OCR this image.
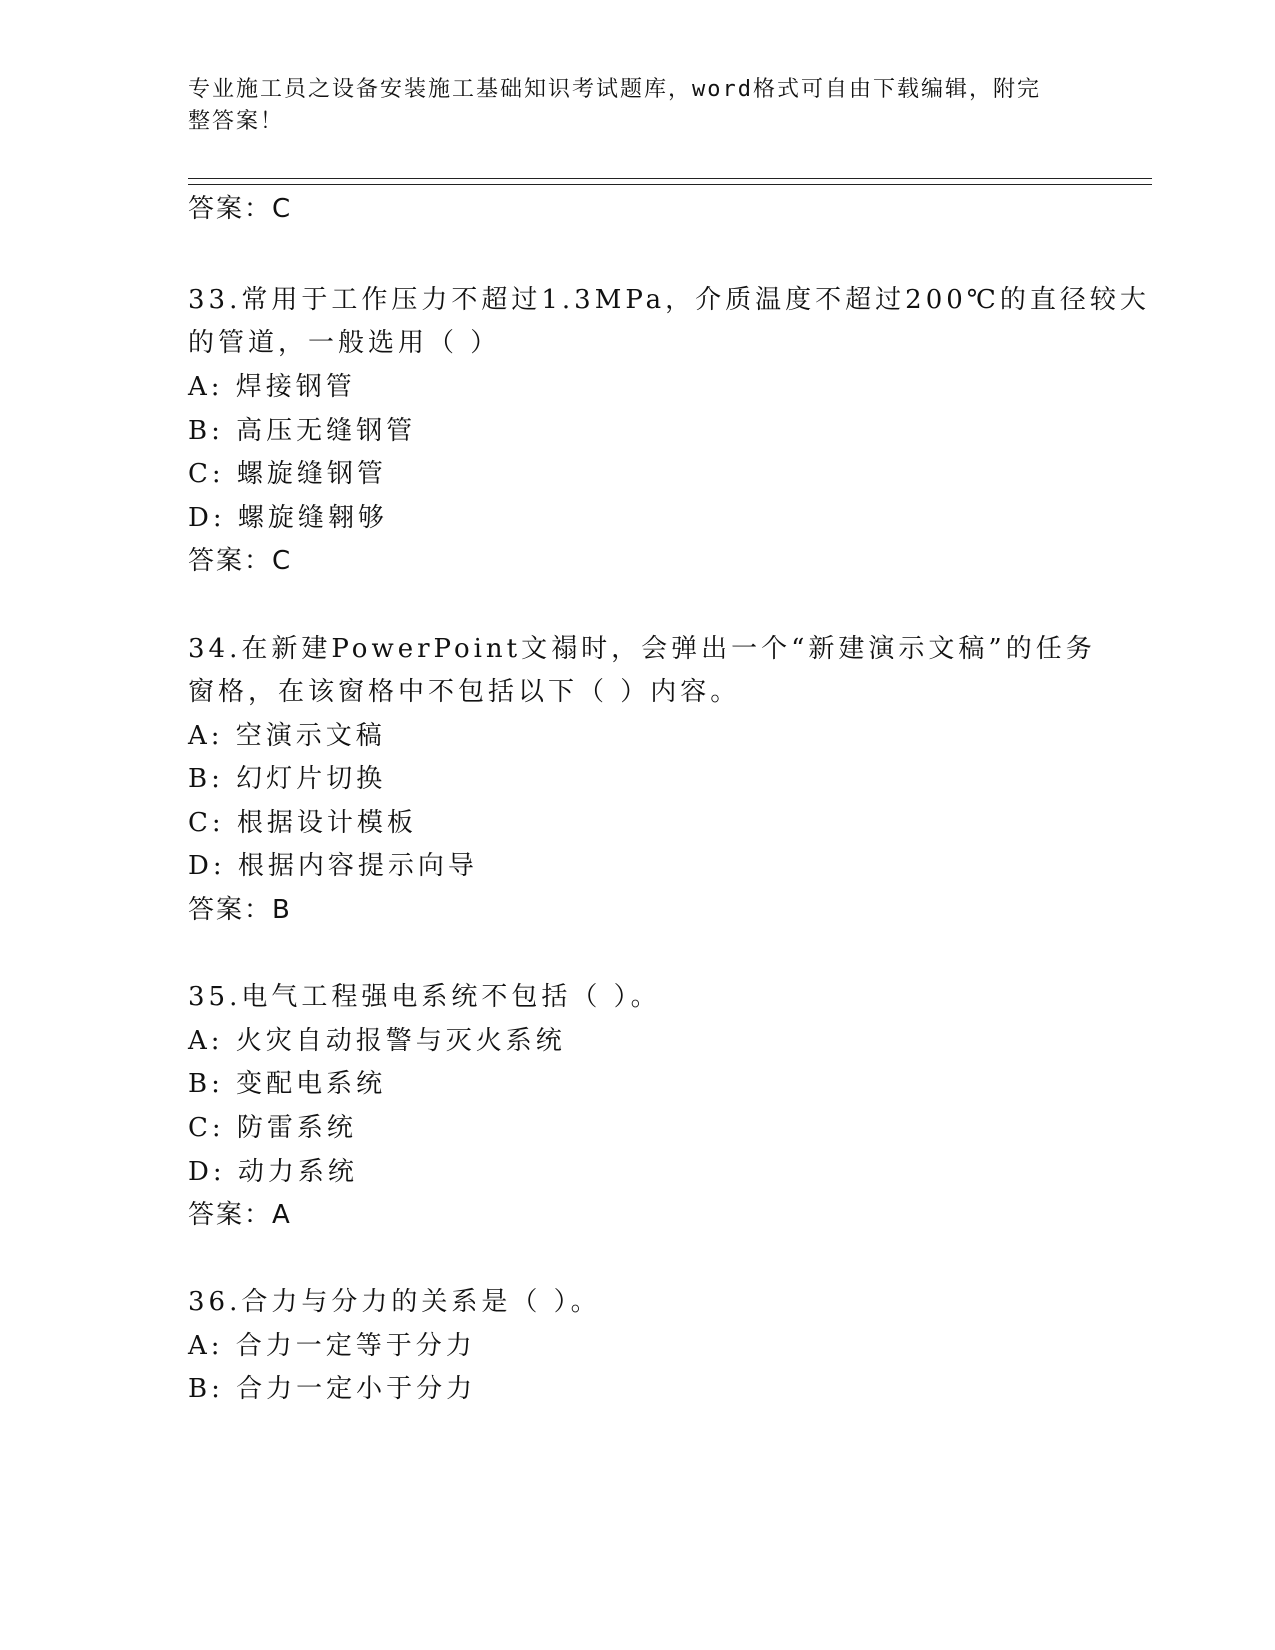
专业施工员之设备安装施工基础知识考试题库，word格式可自由下载编辑，附完
整答案！
答案：C
33.常用于工作压力不超过1.3MPa，介质温度不超过200℃的直径较大
的管道，一般选用（ ）
A: 焊接钢管
B: 高压无缝钢管
C: 螺旋缝钢管
D: 螺旋缝翱够
答案：C
34.在新建PowerPoint文禢时，会弹出一个“新建演示文稿”的任务
窗格，在该窗格中不包括以下（ ）内容。
A: 空演示文稿
B: 幻灯片切换
C: 根据设计模板
D: 根据内容提示向导
答案：B
35.电气工程强电系统不包括（ ）。
A: 火灾自动报警与灭火系统
B: 变配电系统
C: 防雷系统
D: 动力系统
答案：A
36.合力与分力的关系是（ ）。
A: 合力一定等于分力
B: 合力一定小于分力
